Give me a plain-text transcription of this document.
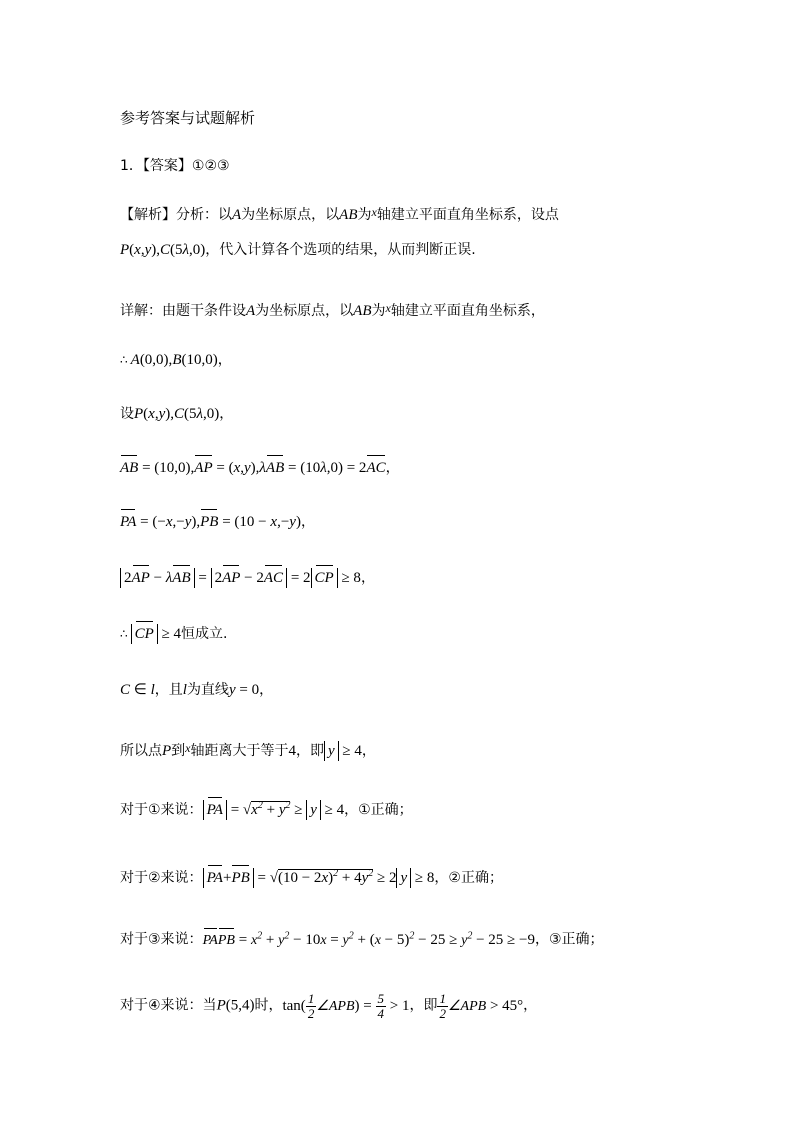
参考答案与试题解析
1．【答案】①②③
【解析】分析：以A为坐标原点，以AB为x轴建立平面直角坐标系，设点
P(x,y),C(5λ,0)，代入计算各个选项的结果，从而判断正误.
详解：由题干条件设A为坐标原点，以AB为x轴建立平面直角坐标系，
∴ A(0,0),B(10,0)，
设P(x,y),C(5λ,0)，
AB = (10,0),AP = (x,y),λAB = (10λ,0) = 2AC，
PA = (−x,−y),PB = (10 − x,−y)，
2AP − λAB = 2AP − 2AC = 2 CP ≥ 8，
∴ CP ≥ 4恒成立.
C ∈ l，且l为直线y = 0，
所以点P到x轴距离大于等于4，即 y ≥ 4，
对于①来说： PA = $√x^2 + y^2 \ge y \ge 4$，①正确；
对于②来说： $PA+PB = √(10 - 2x)^2 + 4y^2 \ge 2$ y ≥ 8，②正确；
对于③来说：PAPB = $x^2 + y^2 - 10x = y^2 + (x - 5)^2 - 25 \ge y^2 - 25 \ge -9$，③正确；
对于④来说：当P(5,4)时，$\tan( \frac{1}{2}$ ∠APB) = $\frac{5}{4} > 1$，即 $\frac{1}{2}$ ∠APB > 45°，
